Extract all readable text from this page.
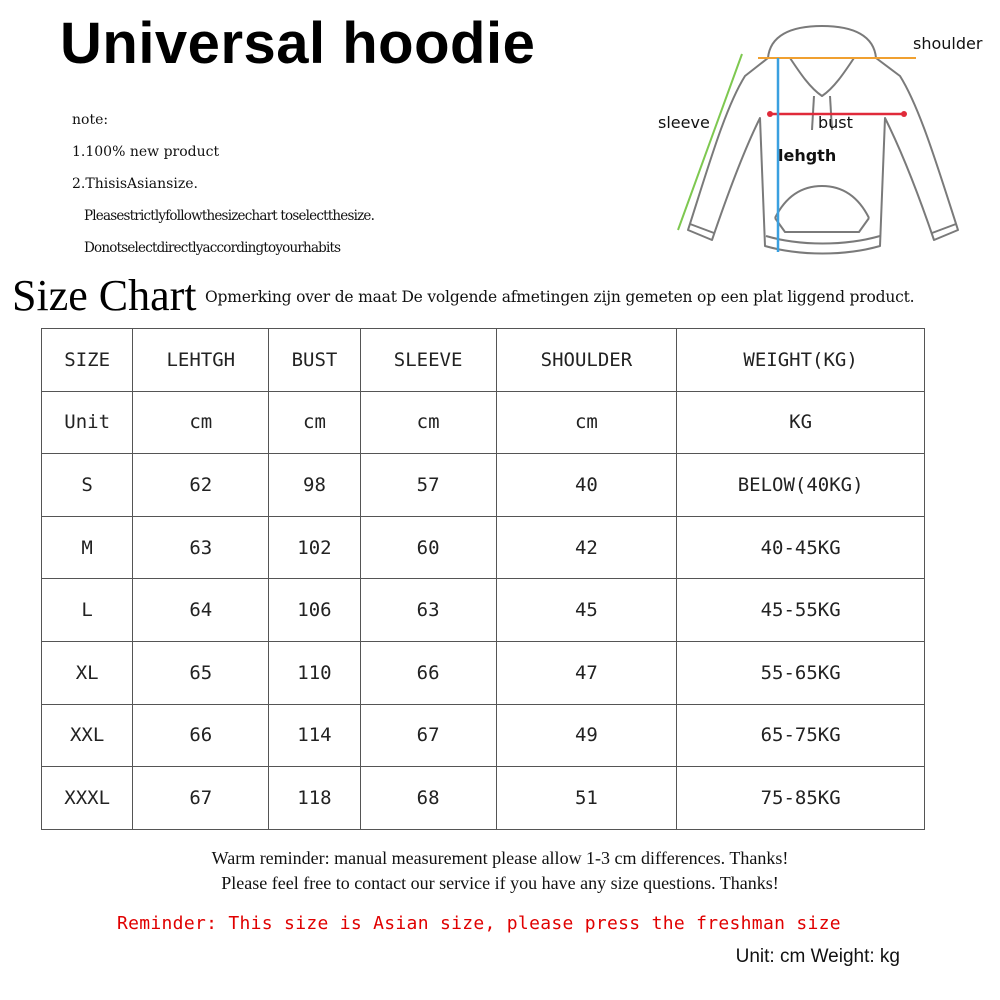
Universal hoodie
note:
1.100% new product
2.ThisisAsiansize.
Pleasestrictlyfollowthesizechart toselectthesize.
Donotselectdirectlyaccordingtoyourhabits
shoulder
sleeve	bust
lehgth
Size Chart Opmerking over de maat De volgende afmetingen zijn gemeten op een plat liggend product.
SIZE	LEHTGH	BUST	SLEEVE	SHOULDER	WEIGHT(KG)
Unit	cm	cm	cm	cm	KG
S	62	98	57	40	BELOW(40KG)
M	63	102	60	42	40-45KG
L	64	106	63	45	45-55KG
XL	65	110	66	47	55-65KG
XXL	66	114	67	49	65-75KG
XXXL	67	118	68	51	75-85KG
Warm reminder: manual measurement please allow 1-3 cm differences. Thanks!
Please feel free to contact our service if you have any size questions. Thanks!
Reminder: This size is Asian size, please press the freshman size
Unit: cm Weight: kg
